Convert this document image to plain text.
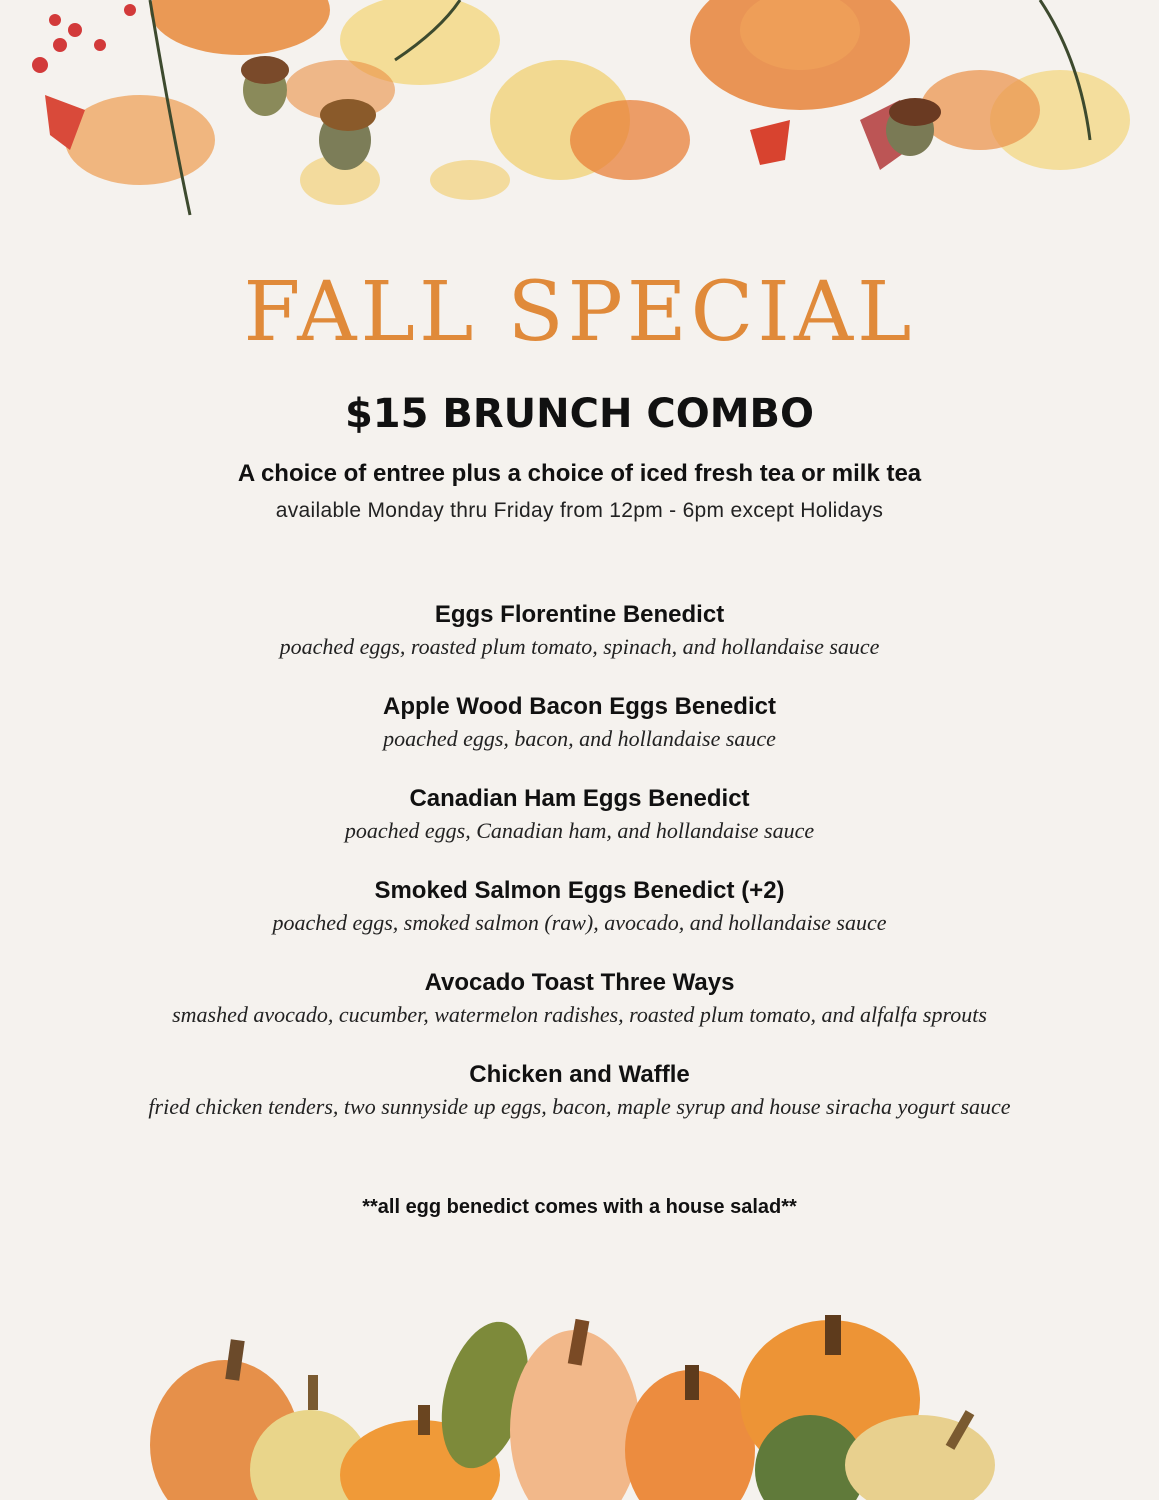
FALL SPECIAL
$15 BRUNCH COMBO
A choice of entree plus a choice of iced fresh tea or milk tea
available Monday thru Friday from 12pm - 6pm except Holidays
Eggs Florentine Benedict
poached eggs, roasted plum tomato, spinach, and hollandaise sauce
Apple Wood Bacon Eggs Benedict
poached eggs, bacon, and hollandaise sauce
Canadian Ham Eggs Benedict
poached eggs, Canadian ham, and hollandaise sauce
Smoked Salmon Eggs Benedict (+2)
poached eggs, smoked salmon (raw), avocado, and hollandaise sauce
Avocado Toast Three Ways
smashed avocado, cucumber, watermelon radishes, roasted plum tomato, and alfalfa sprouts
Chicken and Waffle
fried chicken tenders, two sunnyside up eggs, bacon, maple syrup and house siracha yogurt sauce
**all egg benedict comes with a house salad**
